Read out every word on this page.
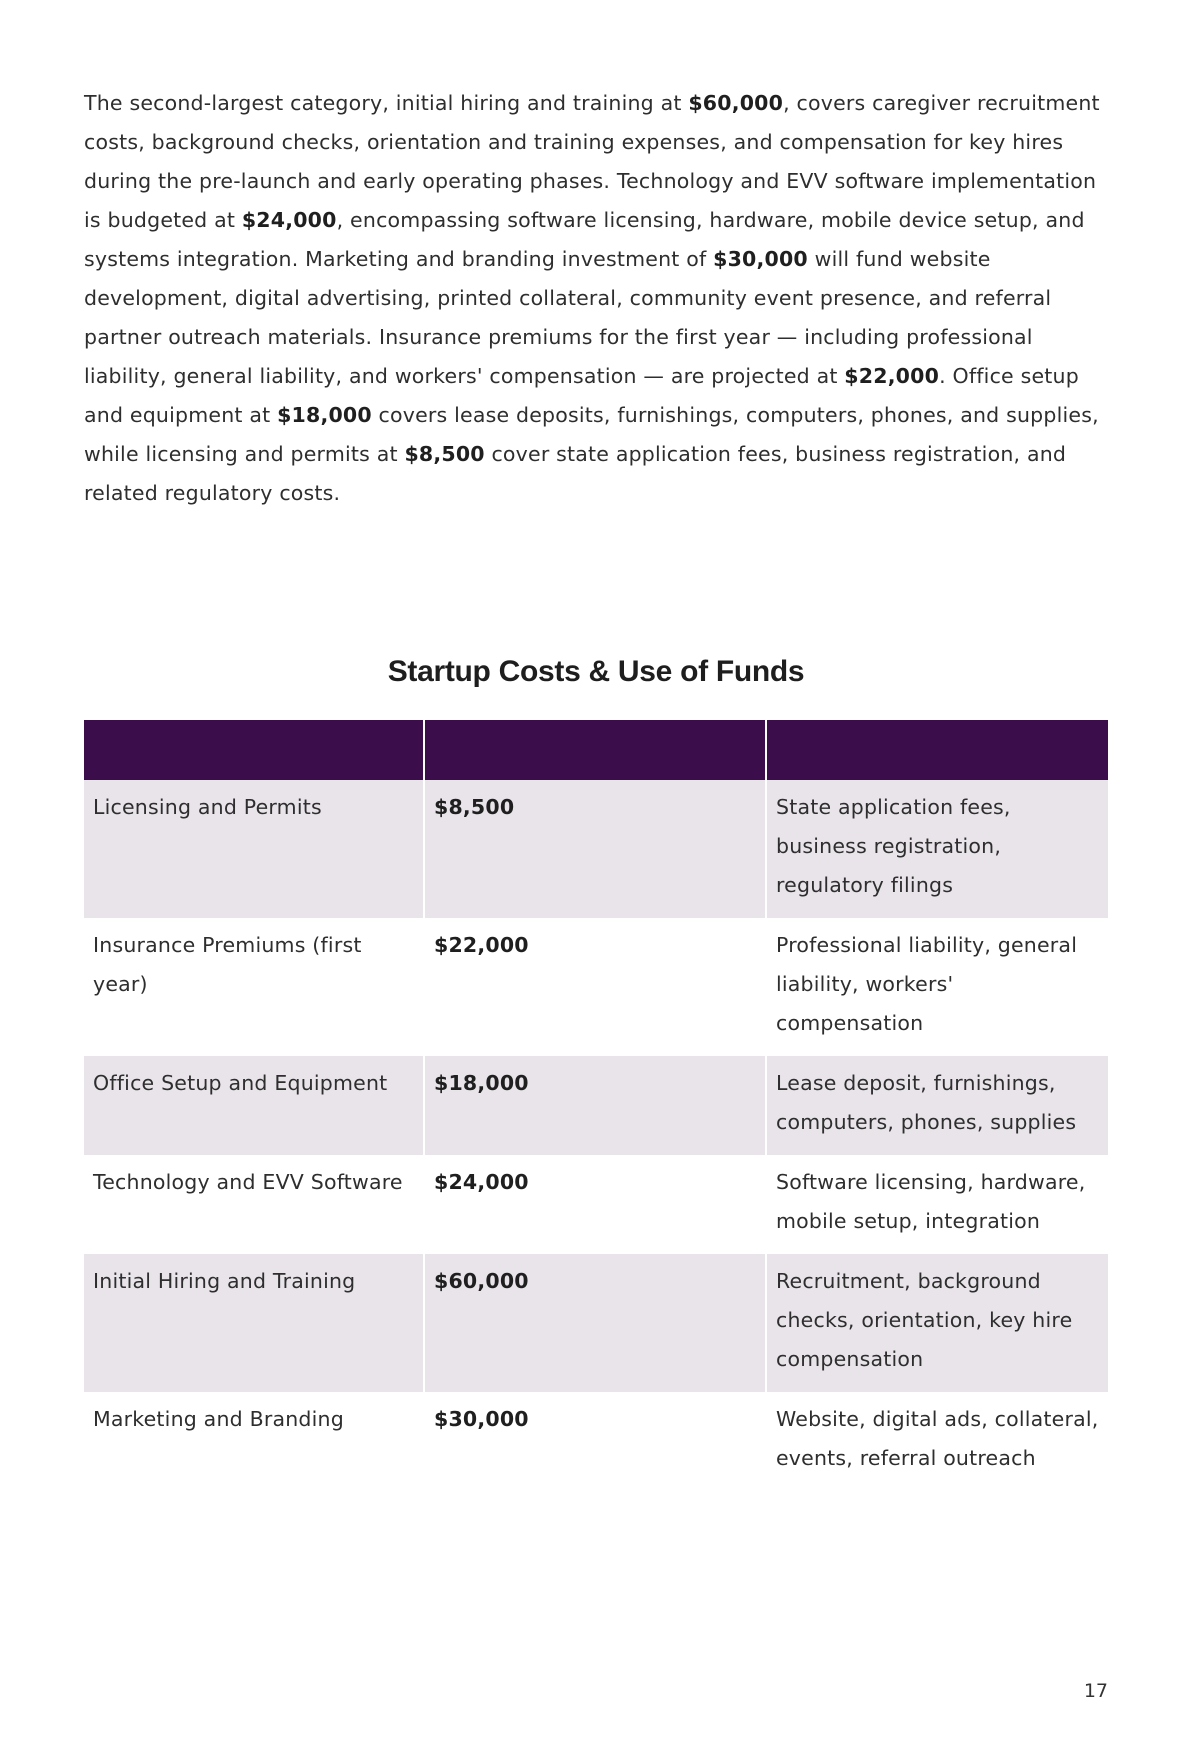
The second-largest category, initial hiring and training at $60,000, covers caregiver recruitment costs, background checks, orientation and training expenses, and compensation for key hires during the pre-launch and early operating phases. Technology and EVV software implementation is budgeted at $24,000, encompassing software licensing, hardware, mobile device setup, and systems integration. Marketing and branding investment of $30,000 will fund website development, digital advertising, printed collateral, community event presence, and referral partner outreach materials. Insurance premiums for the first year — including professional liability, general liability, and workers' compensation — are projected at $22,000. Office setup and equipment at $18,000 covers lease deposits, furnishings, computers, phones, and supplies, while licensing and permits at $8,500 cover state application fees, business registration, and related regulatory costs.

Startup Costs & Use of Funds

Licensing and Permits	$8,500	State application fees, business registration, regulatory filings
Insurance Premiums (first year)	$22,000	Professional liability, general liability, workers' compensation
Office Setup and Equipment	$18,000	Lease deposit, furnishings, computers, phones, supplies
Technology and EVV Software	$24,000	Software licensing, hardware, mobile setup, integration
Initial Hiring and Training	$60,000	Recruitment, background checks, orientation, key hire compensation
Marketing and Branding	$30,000	Website, digital ads, collateral, events, referral outreach
17
